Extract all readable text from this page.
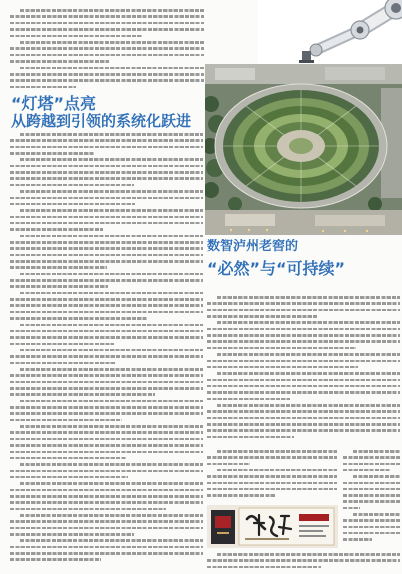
“灯塔”点亮
从跨越到引领的系统化跃进
数智泸州老窖的
“必然”与“可持续”
